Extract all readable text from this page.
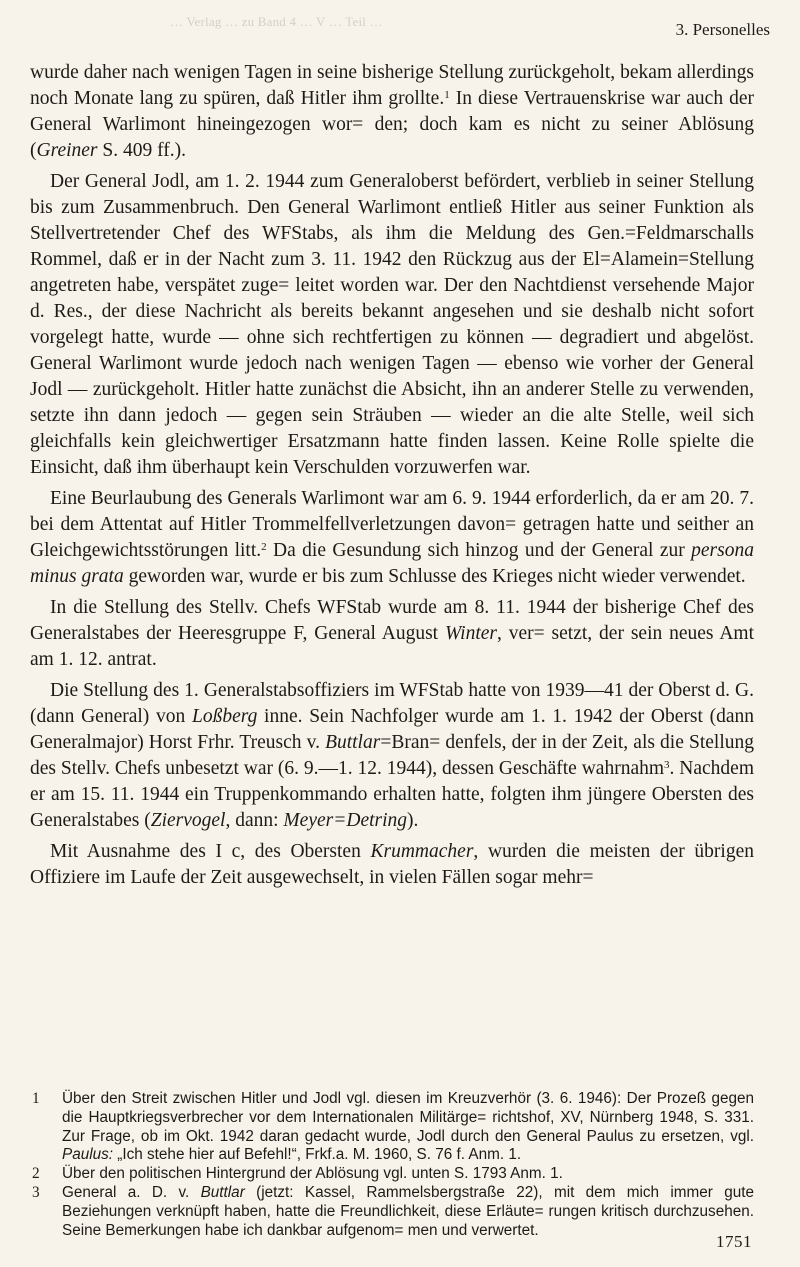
… Verlag … zu Band 4 … V … Teil …	3. Personelles

wurde daher nach wenigen Tagen in seine bisherige Stellung zurückgeholt, bekam allerdings noch Monate lang zu spüren, daß Hitler ihm grollte.$^1$ In diese Vertrauenskrise war auch der General Warlimont hineingezogen wor= den; doch kam es nicht zu seiner Ablösung (Greiner S. 409 ff.).

Der General Jodl, am 1. 2. 1944 zum Generaloberst befördert, verblieb in seiner Stellung bis zum Zusammenbruch. Den General Warlimont entließ Hitler aus seiner Funktion als Stellvertretender Chef des WFStabs, als ihm die Meldung des Gen.=Feldmarschalls Rommel, daß er in der Nacht zum 3. 11. 1942 den Rückzug aus der El=Alamein=Stellung angetreten habe, verspätet zuge= leitet worden war. Der den Nachtdienst versehende Major d. Res., der diese Nachricht als bereits bekannt angesehen und sie deshalb nicht sofort vorgelegt hatte, wurde — ohne sich rechtfertigen zu können — degradiert und abgelöst. General Warlimont wurde jedoch nach wenigen Tagen — ebenso wie vorher der General Jodl — zurückgeholt. Hitler hatte zunächst die Absicht, ihn an anderer Stelle zu verwenden, setzte ihn dann jedoch — gegen sein Sträuben — wieder an die alte Stelle, weil sich gleichfalls kein gleichwertiger Ersatzmann hatte finden lassen. Keine Rolle spielte die Einsicht, daß ihm überhaupt kein Verschulden vorzuwerfen war.

Eine Beurlaubung des Generals Warlimont war am 6. 9. 1944 erforderlich, da er am 20. 7. bei dem Attentat auf Hitler Trommelfellverletzungen davon= getragen hatte und seither an Gleichgewichtsstörungen litt.$^2$ Da die Gesundung sich hinzog und der General zur persona minus grata geworden war, wurde er bis zum Schlusse des Krieges nicht wieder verwendet.

In die Stellung des Stellv. Chefs WFStab wurde am 8. 11. 1944 der bisherige Chef des Generalstabes der Heeresgruppe F, General August Winter, ver= setzt, der sein neues Amt am 1. 12. antrat.

Die Stellung des 1. Generalstabsoffiziers im WFStab hatte von 1939—41 der Oberst d. G. (dann General) von Loßberg inne. Sein Nachfolger wurde am 1. 1. 1942 der Oberst (dann Generalmajor) Horst Frhr. Treusch v. Buttlar=Bran= denfels, der in der Zeit, als die Stellung des Stellv. Chefs unbesetzt war (6. 9.—1. 12. 1944), dessen Geschäfte wahrnahm$^3$. Nachdem er am 15. 11. 1944 ein Truppenkommando erhalten hatte, folgten ihm jüngere Obersten des Generalstabes (Ziervogel, dann: Meyer=Detring).

Mit Ausnahme des I c, des Obersten Krummacher, wurden die meisten der übrigen Offiziere im Laufe der Zeit ausgewechselt, in vielen Fällen sogar mehr=

1 Über den Streit zwischen Hitler und Jodl vgl. diesen im Kreuzverhör (3. 6. 1946): Der Prozeß gegen die Hauptkriegsverbrecher vor dem Internationalen Militärge= richtshof, XV, Nürnberg 1948, S. 331. Zur Frage, ob im Okt. 1942 daran gedacht wurde, Jodl durch den General Paulus zu ersetzen, vgl. Paulus: „Ich stehe hier auf Befehl!“, Frkf.a. M. 1960, S. 76 f. Anm. 1.
2 Über den politischen Hintergrund der Ablösung vgl. unten S. 1793 Anm. 1.
3 General a. D. v. Buttlar (jetzt: Kassel, Rammelsbergstraße 22), mit dem mich immer gute Beziehungen verknüpft haben, hatte die Freundlichkeit, diese Erläute= rungen kritisch durchzusehen. Seine Bemerkungen habe ich dankbar aufgenom= men und verwertet.
1751
